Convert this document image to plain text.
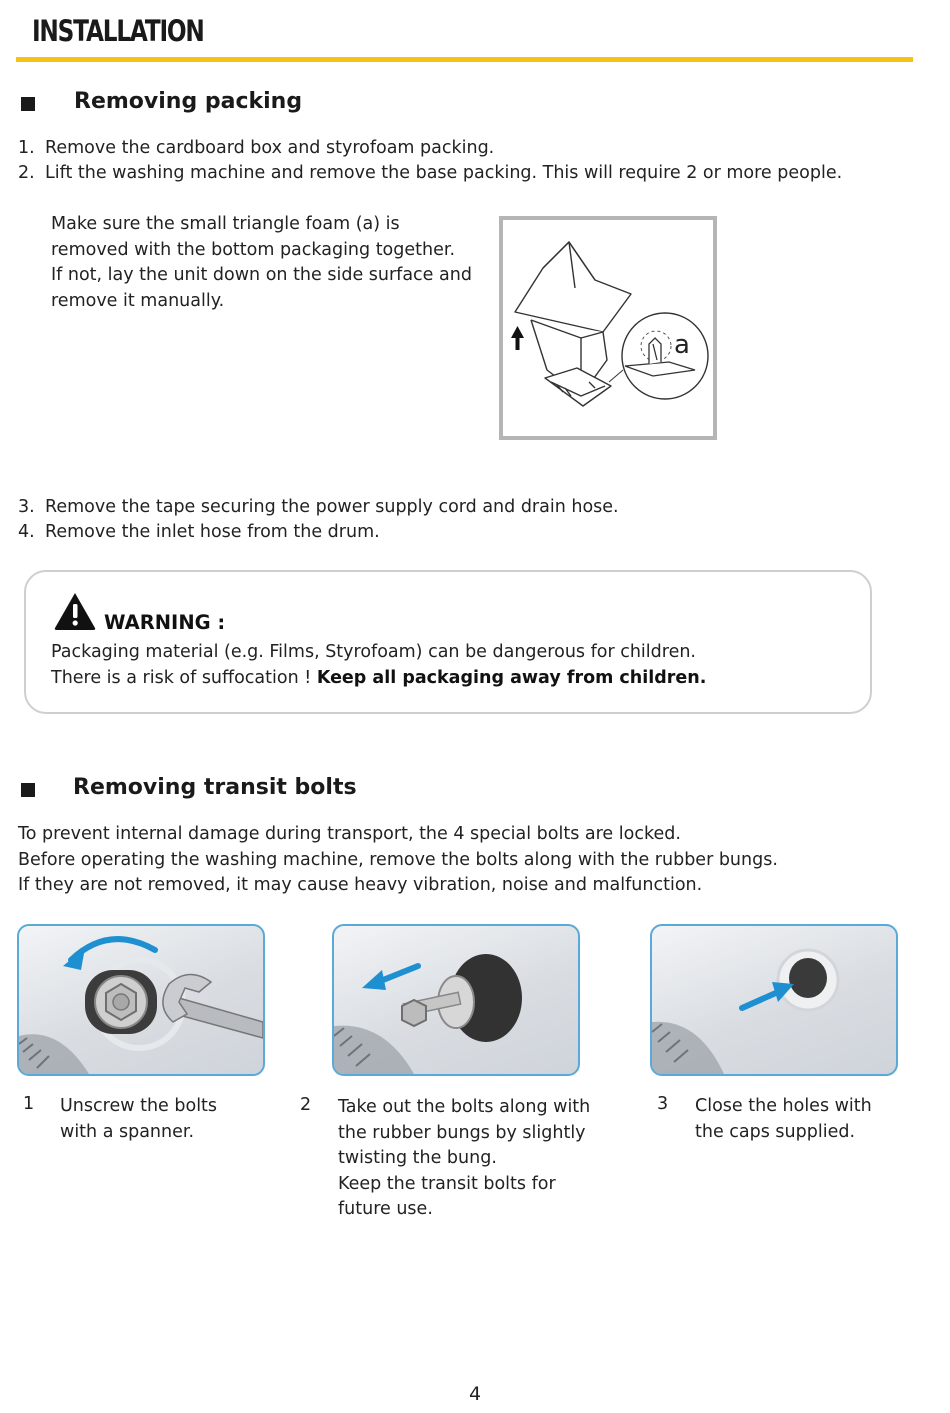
INSTALLATION
Removing packing
1. Remove the cardboard box and styrofoam packing.
2. Lift the washing machine and remove the base packing. This will require 2 or more people.
Make sure the small triangle foam (a) is
removed with the bottom packaging together.
If not, lay the unit down on the side surface and
remove it manually.
a
3. Remove the tape securing the power supply cord and drain hose.
4. Remove the inlet hose from the drum.
WARNING :
Packaging material (e.g. Films, Styrofoam) can be dangerous for children.
There is a risk of suffocation ! Keep all packaging away from children.
Removing transit bolts
To prevent internal damage during transport, the 4 special bolts are locked.
Before operating the washing machine, remove the bolts along with the rubber bungs.
If they are not removed, it may cause heavy vibration, noise and malfunction.
1 Unscrew the bolts
with a spanner.
2 Take out the bolts along with
the rubber bungs by slightly
twisting the bung.
Keep the transit bolts for
future use.
3 Close the holes with
the caps supplied.
4
